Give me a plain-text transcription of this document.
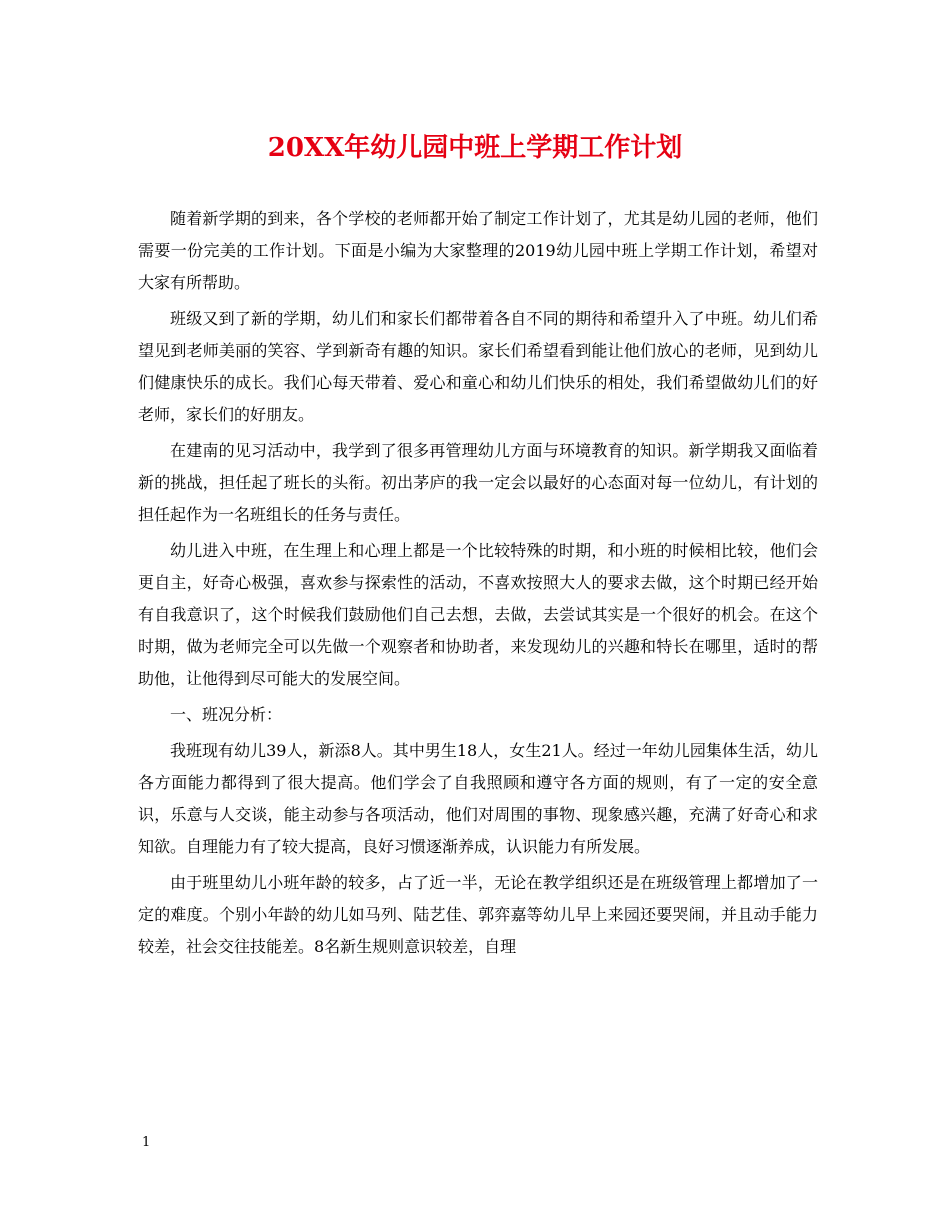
20XX年幼儿园中班上学期工作计划

随着新学期的到来，各个学校的老师都开始了制定工作计划了，尤其是幼儿园的老师，他们需要一份完美的工作计划。下面是小编为大家整理的2019幼儿园中班上学期工作计划，希望对大家有所帮助。

班级又到了新的学期，幼儿们和家长们都带着各自不同的期待和希望升入了中班。幼儿们希望见到老师美丽的笑容、学到新奇有趣的知识。家长们希望看到能让他们放心的老师，见到幼儿们健康快乐的成长。我们心每天带着、爱心和童心和幼儿们快乐的相处，我们希望做幼儿们的好老师，家长们的好朋友。

在建南的见习活动中，我学到了很多再管理幼儿方面与环境教育的知识。新学期我又面临着新的挑战，担任起了班长的头衔。初出茅庐的我一定会以最好的心态面对每一位幼儿，有计划的担任起作为一名班组长的任务与责任。

幼儿进入中班，在生理上和心理上都是一个比较特殊的时期，和小班的时候相比较，他们会更自主，好奇心极强，喜欢参与探索性的活动，不喜欢按照大人的要求去做，这个时期已经开始有自我意识了，这个时候我们鼓励他们自己去想，去做，去尝试其实是一个很好的机会。在这个时期，做为老师完全可以先做一个观察者和协助者，来发现幼儿的兴趣和特长在哪里，适时的帮助他，让他得到尽可能大的发展空间。

一、班况分析：

我班现有幼儿39人，新添8人。其中男生18人，女生21人。经过一年幼儿园集体生活，幼儿各方面能力都得到了很大提高。他们学会了自我照顾和遵守各方面的规则，有了一定的安全意识，乐意与人交谈，能主动参与各项活动，他们对周围的事物、现象感兴趣，充满了好奇心和求知欲。自理能力有了较大提高，良好习惯逐渐养成，认识能力有所发展。

由于班里幼儿小班年龄的较多，占了近一半，无论在教学组织还是在班级管理上都增加了一定的难度。个别小年龄的幼儿如马列、陆艺佳、郭弈嘉等幼儿早上来园还要哭闹，并且动手能力较差，社会交往技能差。8名新生规则意识较差，自理

1
